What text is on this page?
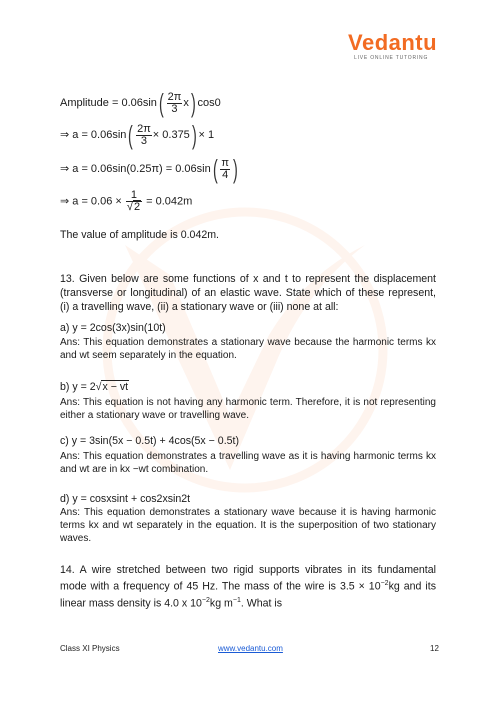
Vedantu
LIVE ONLINE TUTORING
Amplitude = $0.06\sin( \frac{2\pi}{3} x)$ cos0
⇒ $a = 0.06\sin( \frac{2\pi}{3} \times 0.375) \times 1$
⇒ $a = 0.06\sin(0.25\pi) = 0.06\sin( \frac{\pi}{4}$ )
⇒ $a = 0.06 \times \frac{1}{√2} = 0.042m$
The value of amplitude is 0.042m.
13. Given below are some functions of x and t to represent the displacement (transverse or longitudinal) of an elastic wave. State which of these represent, (i) a travelling wave, (ii) a stationary wave or (iii) none at all:
a) y = 2cos(3x)sin(10t)
Ans: This equation demonstrates a stationary wave because the harmonic terms kx and wt seem separately in the equation.
b) y = 2√x − vt
Ans: This equation is not having any harmonic term. Therefore, it is not representing either a stationary wave or travelling wave.
c) y = 3sin(5x − 0.5t) + 4cos(5x − 0.5t)
Ans: This equation demonstrates a travelling wave as it is having harmonic terms kx and wt are in kx −wt combination.
d) y = cosxsint + cos2xsin2t
Ans: This equation demonstrates a stationary wave because it is having harmonic terms kx and wt separately in the equation. It is the superposition of two stationary waves.
14. A wire stretched between two rigid supports vibrates in its fundamental mode with a frequency of 45 Hz. The mass of the wire is $3.5 \times 10^{-2}kg$ and its linear mass density is 4.0 x $10^{-2}kg$ $m^{-1}$. What is
Class XI Physics	www.vedantu.com	12
